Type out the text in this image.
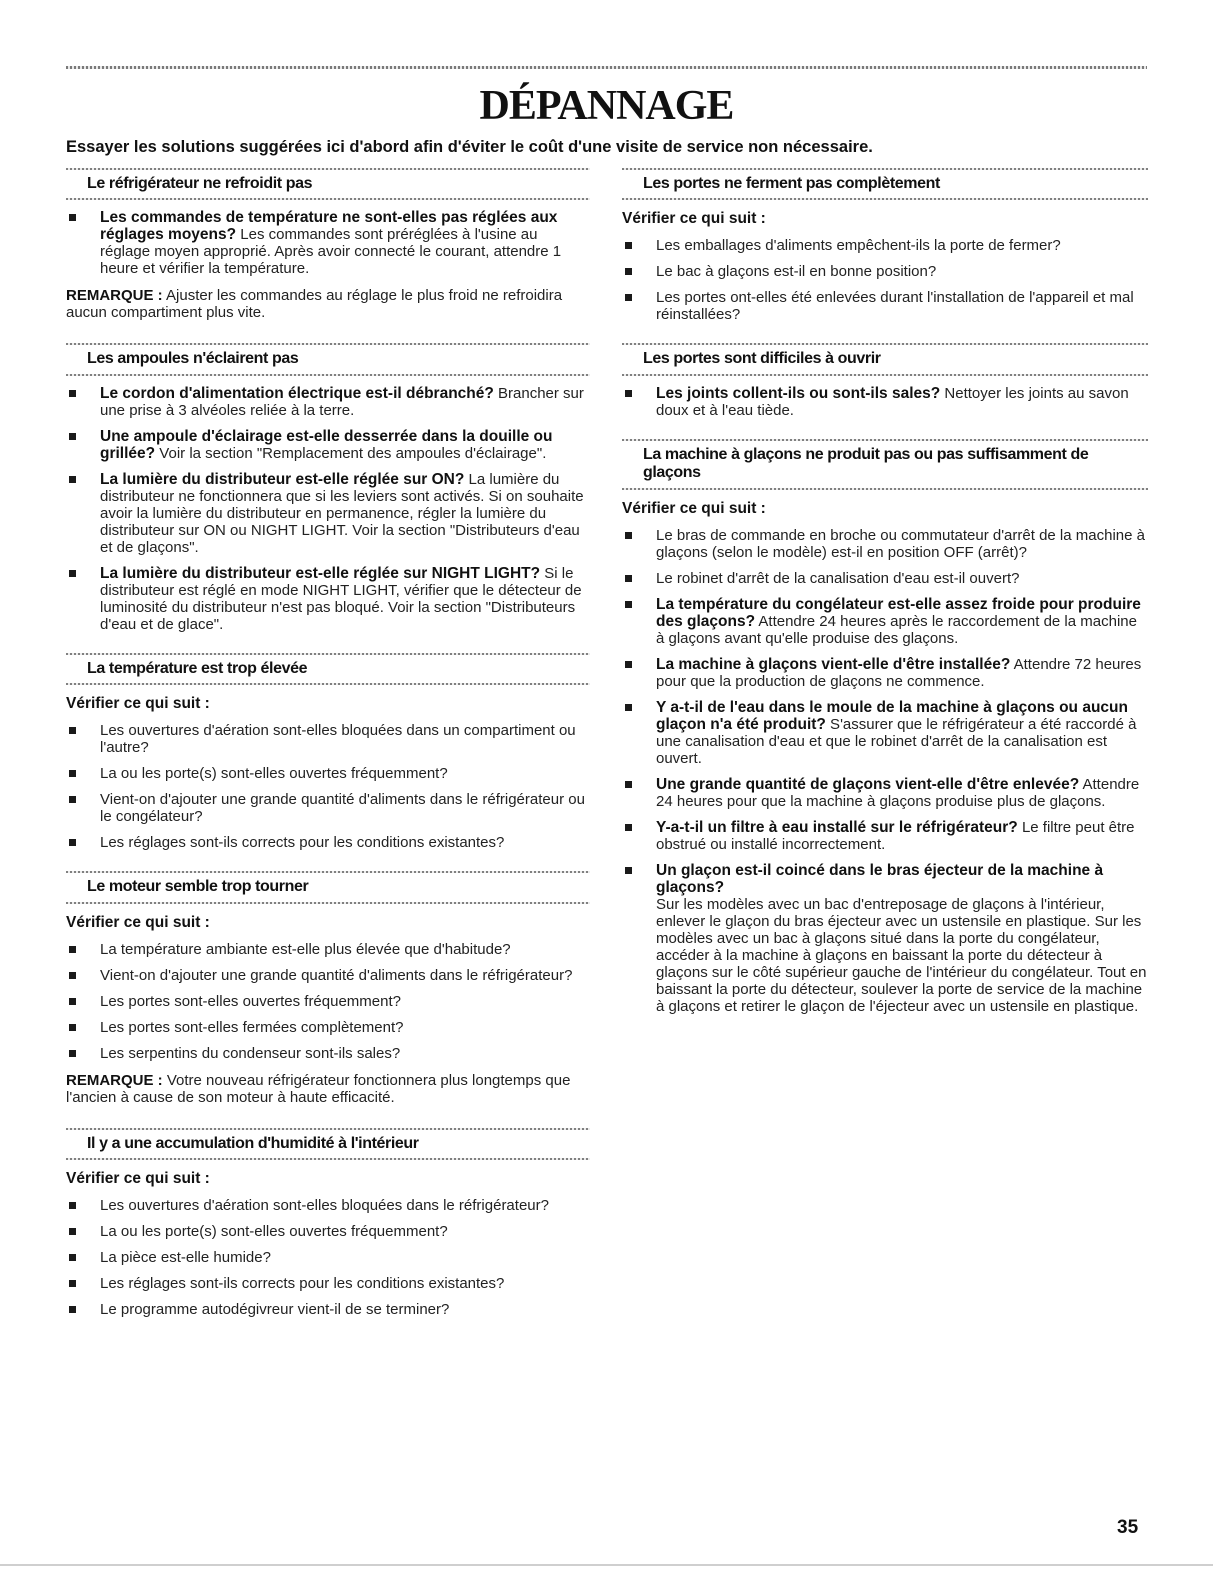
DÉPANNAGE

Essayer les solutions suggérées ici d'abord afin d'éviter le coût d'une visite de service non nécessaire.

Le réfrigérateur ne refroidit pas
Les commandes de température ne sont-elles pas réglées aux réglages moyens? Les commandes sont préréglées à l'usine au réglage moyen approprié. Après avoir connecté le courant, attendre 1 heure et vérifier la température.

REMARQUE : Ajuster les commandes au réglage le plus froid ne refroidira aucun compartiment plus vite.

Les ampoules n'éclairent pas
Le cordon d'alimentation électrique est-il débranché? Brancher sur une prise à 3 alvéoles reliée à la terre.
Une ampoule d'éclairage est-elle desserrée dans la douille ou grillée? Voir la section "Remplacement des ampoules d'éclairage".
La lumière du distributeur est-elle réglée sur ON? La lumière du distributeur ne fonctionnera que si les leviers sont activés. Si on souhaite avoir la lumière du distributeur en permanence, régler la lumière du distributeur sur ON ou NIGHT LIGHT. Voir la section "Distributeurs d'eau et de glaçons".
La lumière du distributeur est-elle réglée sur NIGHT LIGHT? Si le distributeur est réglé en mode NIGHT LIGHT, vérifier que le détecteur de luminosité du distributeur n'est pas bloqué. Voir la section "Distributeurs d'eau et de glace".
La température est trop élevée

Vérifier ce qui suit :

Les ouvertures d'aération sont-elles bloquées dans un compartiment ou l'autre?
La ou les porte(s) sont-elles ouvertes fréquemment?
Vient-on d'ajouter une grande quantité d'aliments dans le réfrigérateur ou le congélateur?
Les réglages sont-ils corrects pour les conditions existantes?
Le moteur semble trop tourner

Vérifier ce qui suit :

La température ambiante est-elle plus élevée que d'habitude?
Vient-on d'ajouter une grande quantité d'aliments dans le réfrigérateur?
Les portes sont-elles ouvertes fréquemment?
Les portes sont-elles fermées complètement?
Les serpentins du condenseur sont-ils sales?

REMARQUE : Votre nouveau réfrigérateur fonctionnera plus longtemps que l'ancien à cause de son moteur à haute efficacité.

Il y a une accumulation d'humidité à l'intérieur

Vérifier ce qui suit :

Les ouvertures d'aération sont-elles bloquées dans le réfrigérateur?
La ou les porte(s) sont-elles ouvertes fréquemment?
La pièce est-elle humide?
Les réglages sont-ils corrects pour les conditions existantes?
Le programme autodégivreur vient-il de se terminer?
Les portes ne ferment pas complètement

Vérifier ce qui suit :

Les emballages d'aliments empêchent-ils la porte de fermer?
Le bac à glaçons est-il en bonne position?
Les portes ont-elles été enlevées durant l'installation de l'appareil et mal réinstallées?
Les portes sont difficiles à ouvrir
Les joints collent-ils ou sont-ils sales? Nettoyer les joints au savon doux et à l'eau tiède.
La machine à glaçons ne produit pas ou pas suffisamment de glaçons

Vérifier ce qui suit :

Le bras de commande en broche ou commutateur d'arrêt de la machine à glaçons (selon le modèle) est-il en position OFF (arrêt)?
Le robinet d'arrêt de la canalisation d'eau est-il ouvert?
La température du congélateur est-elle assez froide pour produire des glaçons? Attendre 24 heures après le raccordement de la machine à glaçons avant qu'elle produise des glaçons.
La machine à glaçons vient-elle d'être installée? Attendre 72 heures pour que la production de glaçons ne commence.
Y a-t-il de l'eau dans le moule de la machine à glaçons ou aucun glaçon n'a été produit? S'assurer que le réfrigérateur a été raccordé à une canalisation d'eau et que le robinet d'arrêt de la canalisation est ouvert.
Une grande quantité de glaçons vient-elle d'être enlevée? Attendre 24 heures pour que la machine à glaçons produise plus de glaçons.
Y-a-t-il un filtre à eau installé sur le réfrigérateur? Le filtre peut être obstrué ou installé incorrectement.
Un glaçon est-il coincé dans le bras éjecteur de la machine à glaçons?
Sur les modèles avec un bac d'entreposage de glaçons à l'intérieur, enlever le glaçon du bras éjecteur avec un ustensile en plastique. Sur les modèles avec un bac à glaçons situé dans la porte du congélateur, accéder à la machine à glaçons en baissant la porte du détecteur à glaçons sur le côté supérieur gauche de l'intérieur du congélateur. Tout en baissant la porte du détecteur, soulever la porte de service de la machine à glaçons et retirer le glaçon de l'éjecteur avec un ustensile en plastique.
35
